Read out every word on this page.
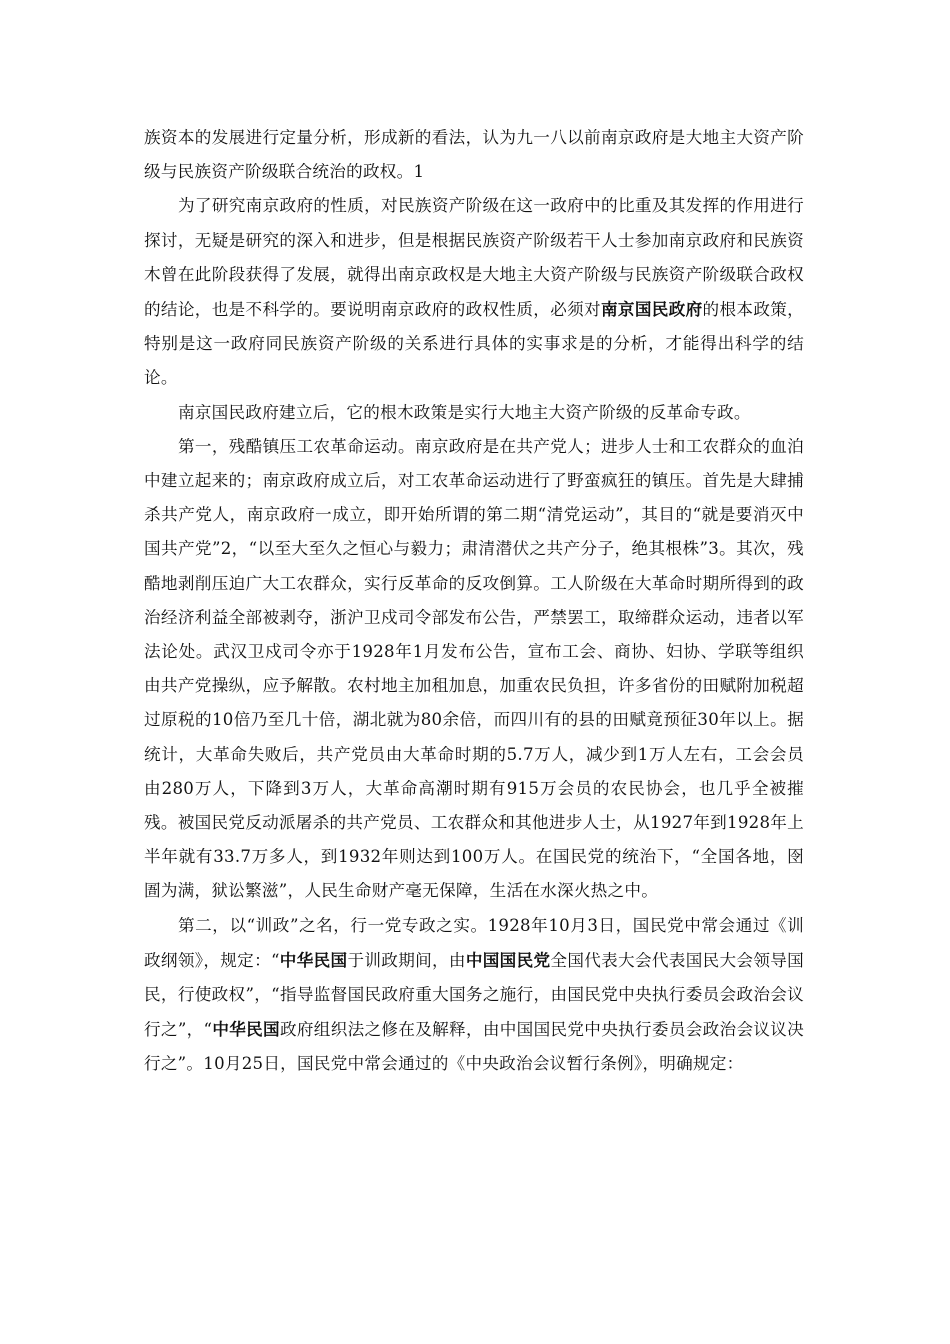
族资本的发展进行定量分析，形成新的看法，认为九一八以前南京政府是大地主大资产阶级与民族资产阶级联合统治的政权。1

为了研究南京政府的性质，对民族资产阶级在这一政府中的比重及其发挥的作用进行探讨，无疑是研究的深入和进步，但是根据民族资产阶级若干人士参加南京政府和民族资木曾在此阶段获得了发展，就得出南京政权是大地主大资产阶级与民族资产阶级联合政权的结论，也是不科学的。要说明南京政府的政权性质，必须对南京国民政府的根本政策，特别是这一政府同民族资产阶级的关系进行具体的实事求是的分析，才能得出科学的结论。

南京国民政府建立后，它的根木政策是实行大地主大资产阶级的反革命专政。

第一，残酷镇压工农革命运动。南京政府是在共产党人；进步人士和工农群众的血泊中建立起来的；南京政府成立后，对工农革命运动进行了野蛮疯狂的镇压。首先是大肆捕杀共产党人，南京政府一成立，即开始所谓的第二期“清党运动”，其目的“就是要消灭中国共产党”2，“以至大至久之恒心与毅力；肃清潜伏之共产分子，绝其根株”3。其次，残酷地剥削压迫广大工农群众，实行反革命的反攻倒算。工人阶级在大革命时期所得到的政治经济利益全部被剥夺，浙沪卫戍司令部发布公告，严禁罢工，取缔群众运动，违者以军法论处。武汉卫戍司令亦于1928年1月发布公告，宣布工会、商协、妇协、学联等组织由共产党操纵，应予解散。农村地主加租加息，加重农民负担，许多省份的田赋附加税超过原税的10倍乃至几十倍，湖北就为80余倍，而四川有的县的田赋竟预征30年以上。据统计，大革命失败后，共产党员由大革命时期的5.7万人，减少到1万人左右，工会会员由280万人，下降到3万人，大革命高潮时期有915万会员的农民协会，也几乎全被摧残。被国民党反动派屠杀的共产党员、工农群众和其他进步人士，从1927年到1928年上半年就有33.7万多人，到1932年则达到100万人。在国民党的统治下，“全国各地，囹圄为满，狱讼繁滋”，人民生命财产毫无保障，生活在水深火热之中。

第二，以“训政”之名，行一党专政之实。1928年10月3日，国民党中常会通过《训政纲领》，规定：“中华民国于训政期间，由中国国民党全国代表大会代表国民大会领导国民，行使政权”，“指导监督国民政府重大国务之施行，由国民党中央执行委员会政治会议行之”，“中华民国政府组织法之修在及解释，由中国国民党中央执行委员会政治会议议决行之”。10月25日，国民党中常会通过的《中央政治会议暂行条例》，明确规定：
